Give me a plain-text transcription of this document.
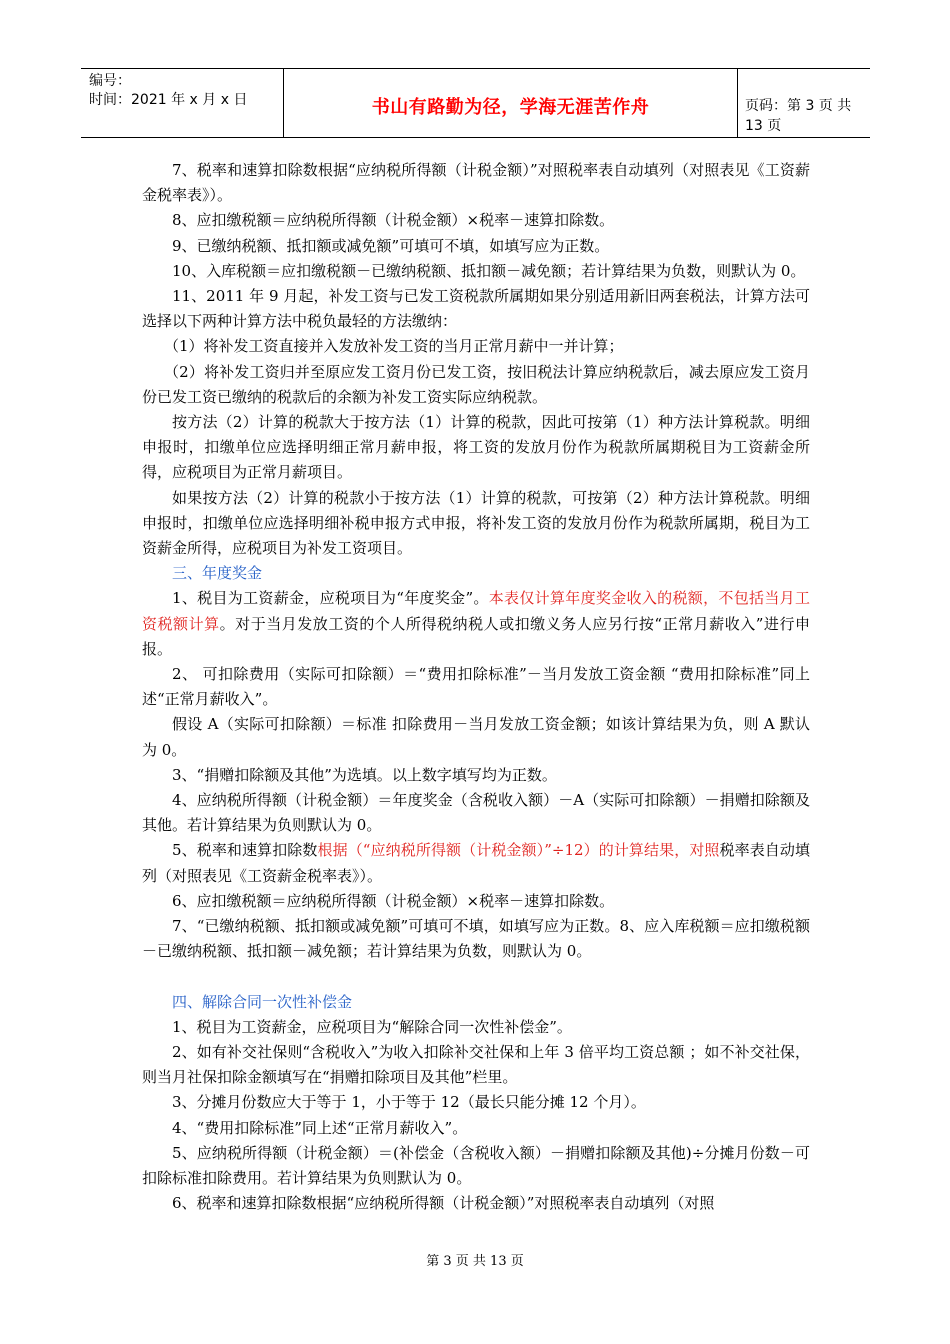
编号：
时间：2021 年 x 月 x 日	书山有路勤为径，学海无涯苦作舟	页码：第 3 页 共 13 页

7、税率和速算扣除数根据“应纳税所得额（计税金额）”对照税率表自动填列（对照表见《工资薪金税率表》）。

8、应扣缴税额＝应纳税所得额（计税金额）×税率－速算扣除数。

9、已缴纳税额、抵扣额或减免额”可填可不填，如填写应为正数。

10、入库税额＝应扣缴税额－已缴纳税额、抵扣额－减免额；若计算结果为负数，则默认为 0。

11、2011 年 9 月起，补发工资与已发工资税款所属期如果分别适用新旧两套税法，计算方法可选择以下两种计算方法中税负最轻的方法缴纳：

（1）将补发工资直接并入发放补发工资的当月正常月薪中一并计算；

（2）将补发工资归并至原应发工资月份已发工资，按旧税法计算应纳税款后，减去原应发工资月份已发工资已缴纳的税款后的余额为补发工资实际应纳税款。

按方法（2）计算的税款大于按方法（1）计算的税款，因此可按第（1）种方法计算税款。明细申报时，扣缴单位应选择明细正常月薪申报，将工资的发放月份作为税款所属期税目为工资薪金所得，应税项目为正常月薪项目。

如果按方法（2）计算的税款小于按方法（1）计算的税款，可按第（2）种方法计算税款。明细申报时，扣缴单位应选择明细补税申报方式申报，将补发工资的发放月份作为税款所属期，税目为工资薪金所得，应税项目为补发工资项目。

三、年度奖金

1、税目为工资薪金，应税项目为“年度奖金”。本表仅计算年度奖金收入的税额，不包括当月工资税额计算。对于当月发放工资的个人所得税纳税人或扣缴义务人应另行按“正常月薪收入”进行申报。

2、 可扣除费用（实际可扣除额）＝“费用扣除标准”－当月发放工资金额 “费用扣除标准”同上述“正常月薪收入”。

假设 A（实际可扣除额）＝标准 扣除费用－当月发放工资金额；如该计算结果为负，则 A 默认为 0。

3、“捐赠扣除额及其他”为选填。以上数字填写均为正数。

4、应纳税所得额（计税金额）＝年度奖金（含税收入额）－A（实际可扣除额）－捐赠扣除额及其他。若计算结果为负则默认为 0。

5、税率和速算扣除数根据（“应纳税所得额（计税金额）”÷12）的计算结果，对照税率表自动填列（对照表见《工资薪金税率表》）。

6、应扣缴税额＝应纳税所得额（计税金额）×税率－速算扣除数。

7、“已缴纳税额、抵扣额或减免额”可填可不填，如填写应为正数。8、应入库税额＝应扣缴税额－已缴纳税额、抵扣额－减免额；若计算结果为负数，则默认为 0。

四、解除合同一次性补偿金

1、税目为工资薪金，应税项目为“解除合同一次性补偿金”。

2、如有补交社保则“含税收入”为收入扣除补交社保和上年 3 倍平均工资总额 ；如不补交社保，则当月社保扣除金额填写在“捐赠扣除项目及其他”栏里。

3、分摊月份数应大于等于 1，小于等于 12（最长只能分摊 12 个月）。

4、“费用扣除标准”同上述“正常月薪收入”。

5、应纳税所得额（计税金额）＝(补偿金（含税收入额）－捐赠扣除额及其他)÷分摊月份数－可扣除标准扣除费用。若计算结果为负则默认为 0。

6、税率和速算扣除数根据“应纳税所得额（计税金额）”对照税率表自动填列（对照

第 3 页 共 13 页
